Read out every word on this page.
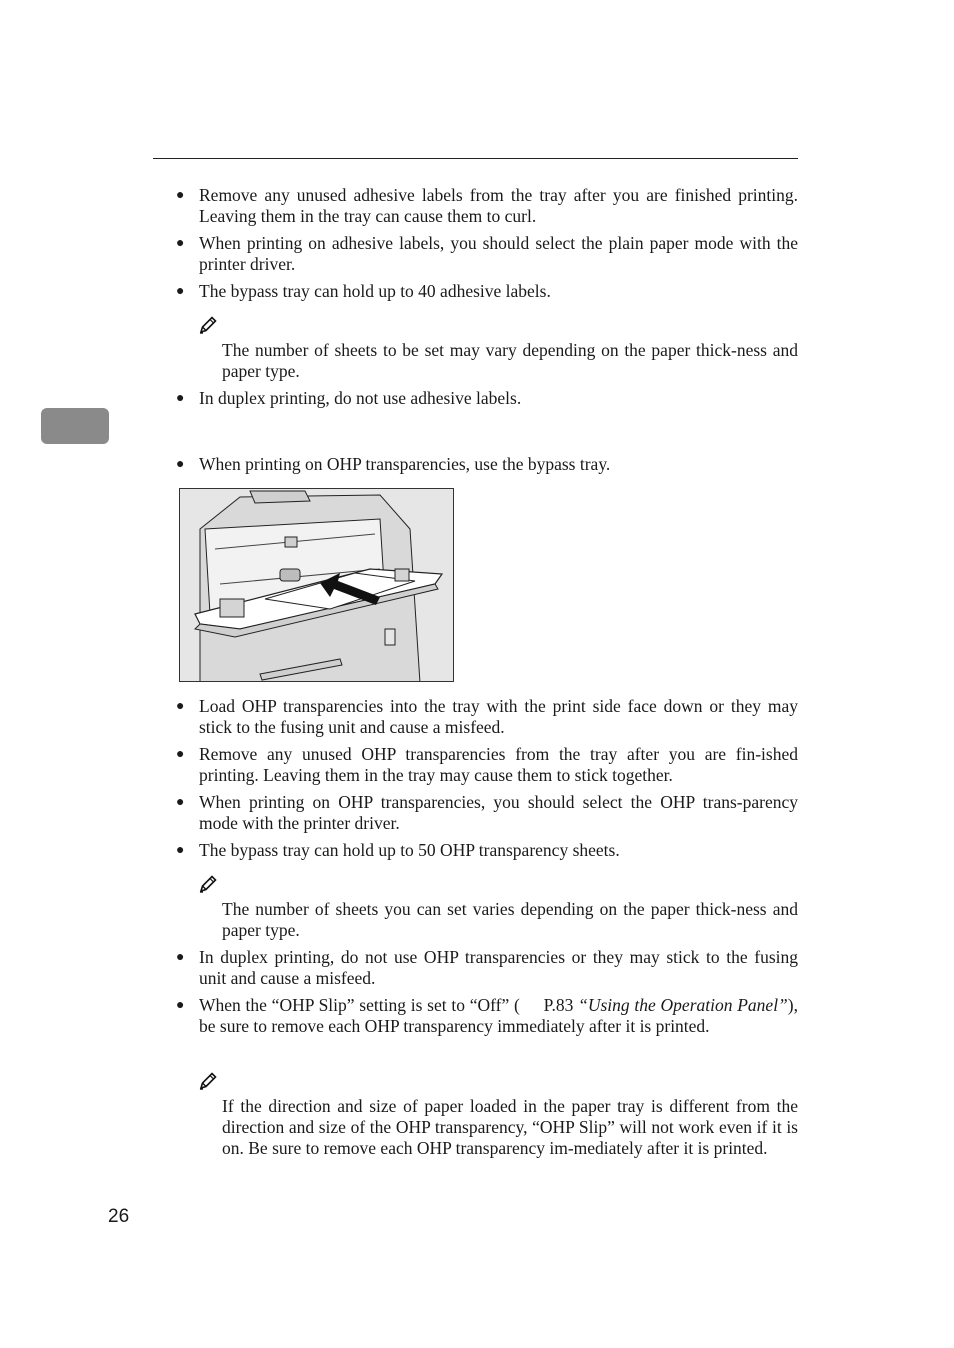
● Remove any unused adhesive labels from the tray after you are finished printing. Leaving them in the tray can cause them to curl.
● When printing on adhesive labels, you should select the plain paper mode with the printer driver.
● The bypass tray can hold up to 40 adhesive labels.
The number of sheets to be set may vary depending on the paper thick-ness and paper type.
● In duplex printing, do not use adhesive labels.
● When printing on OHP transparencies, use the bypass tray.
● Load OHP transparencies into the tray with the print side face down or they may stick to the fusing unit and cause a misfeed.
● Remove any unused OHP transparencies from the tray after you are fin-ished printing. Leaving them in the tray may cause them to stick together.
● When printing on OHP transparencies, you should select the OHP trans-parency mode with the printer driver.
● The bypass tray can hold up to 50 OHP transparency sheets.
The number of sheets you can set varies depending on the paper thick-ness and paper type.
● In duplex printing, do not use OHP transparencies or they may stick to the fusing unit and cause a misfeed.
● When the “OHP Slip” setting is set to “Off” ( P.83 “Using the Operation Panel”), be sure to remove each OHP transparency immediately after it is printed.
If the direction and size of paper loaded in the paper tray is different from the direction and size of the OHP transparency, “OHP Slip” will not work even if it is on. Be sure to remove each OHP transparency im-mediately after it is printed.
26
